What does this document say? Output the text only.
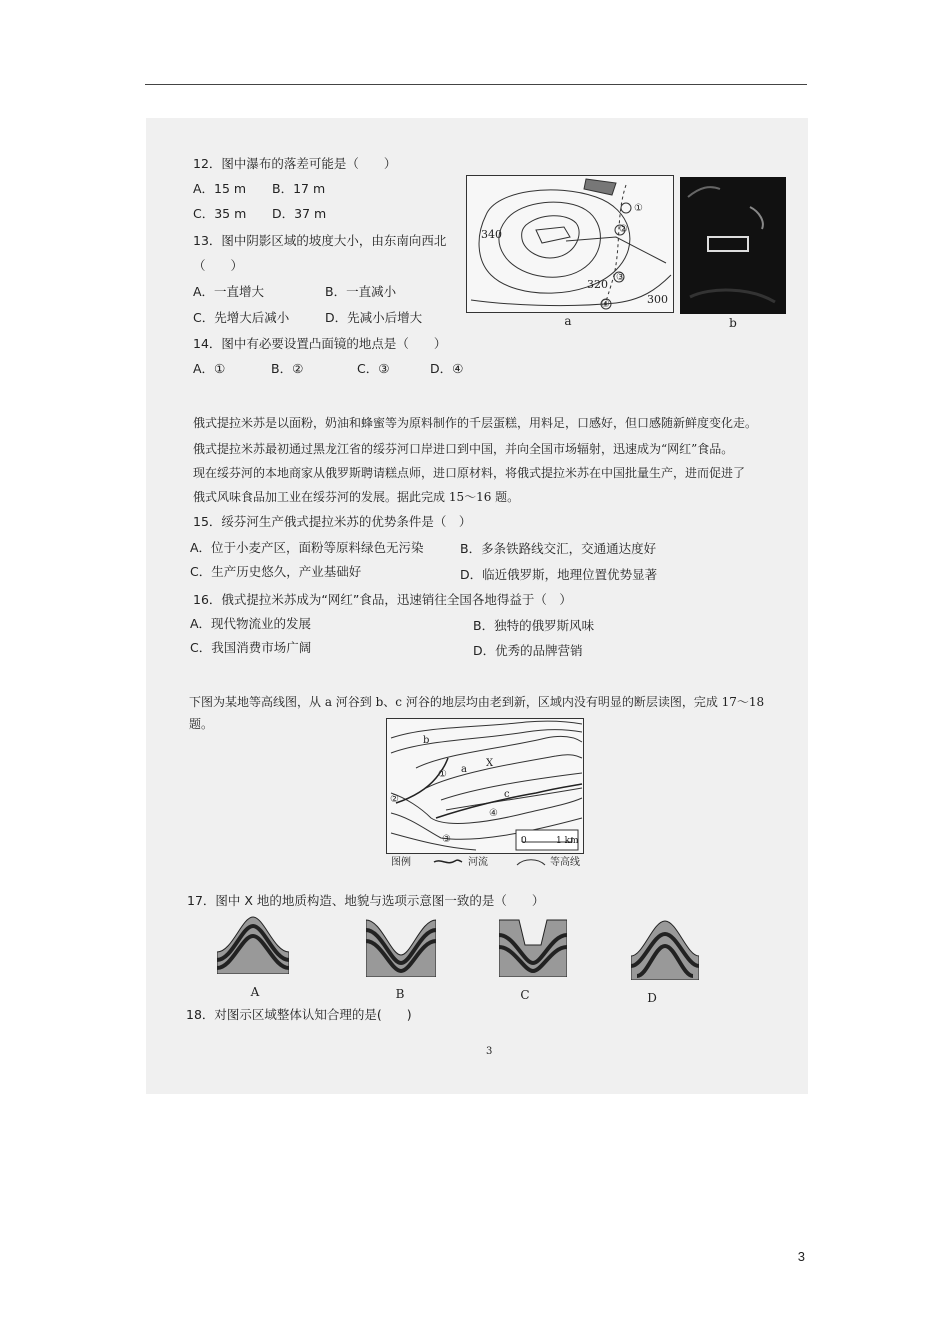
12．图中瀑布的落差可能是（　　）
A．15 m B．17 m
C．35 m D．37 m
13．图中阴影区域的坡度大小，由东南向西北
（　　）
A．一直增大	B．一直减小
C．先增大后减小	D．先减小后增大
14．图中有必要设置凸面镜的地点是（　　）
A．①	B．②	C．③	D．④
340
320
300
①
②
③
④
a	b
俄式提拉米苏是以面粉，奶油和蜂蜜等为原料制作的千层蛋糕，用料足，口感好，但口感随新鲜度变化走。
俄式提拉米苏最初通过黑龙江省的绥芬河口岸进口到中国，并向全国市场辐射，迅速成为“网红”食品。
现在绥芬河的本地商家从俄罗斯聘请糕点师，进口原材料，将俄式提拉米苏在中国批量生产，进而促进了
俄式风味食品加工业在绥芬河的发展。据此完成 15～16 题。
15．绥芬河生产俄式提拉米苏的优势条件是（　）
A．位于小麦产区，面粉等原料绿色无污染	B．多条铁路线交汇，交通通达度好
C．生产历史悠久，产业基础好	D．临近俄罗斯，地理位置优势显著
16．俄式提拉米苏成为“网红”食品，迅速销往全国各地得益于（　）
A．现代物流业的发展	B．独特的俄罗斯风味
C．我国消费市场广阔	D．优秀的品牌营销
下图为某地等高线图，从 a 河谷到 b、c 河谷的地层均由老到新，区域内没有明显的断层读图，完成 17～18
题。
b
a
X
c
①
②
③
④
0	1 km
图例	河流	等高线
17．图中 X 地的地质构造、地貌与选项示意图一致的是（　　）
A	B	C	D
18．对图示区域整体认知合理的是(　　)
3
3
